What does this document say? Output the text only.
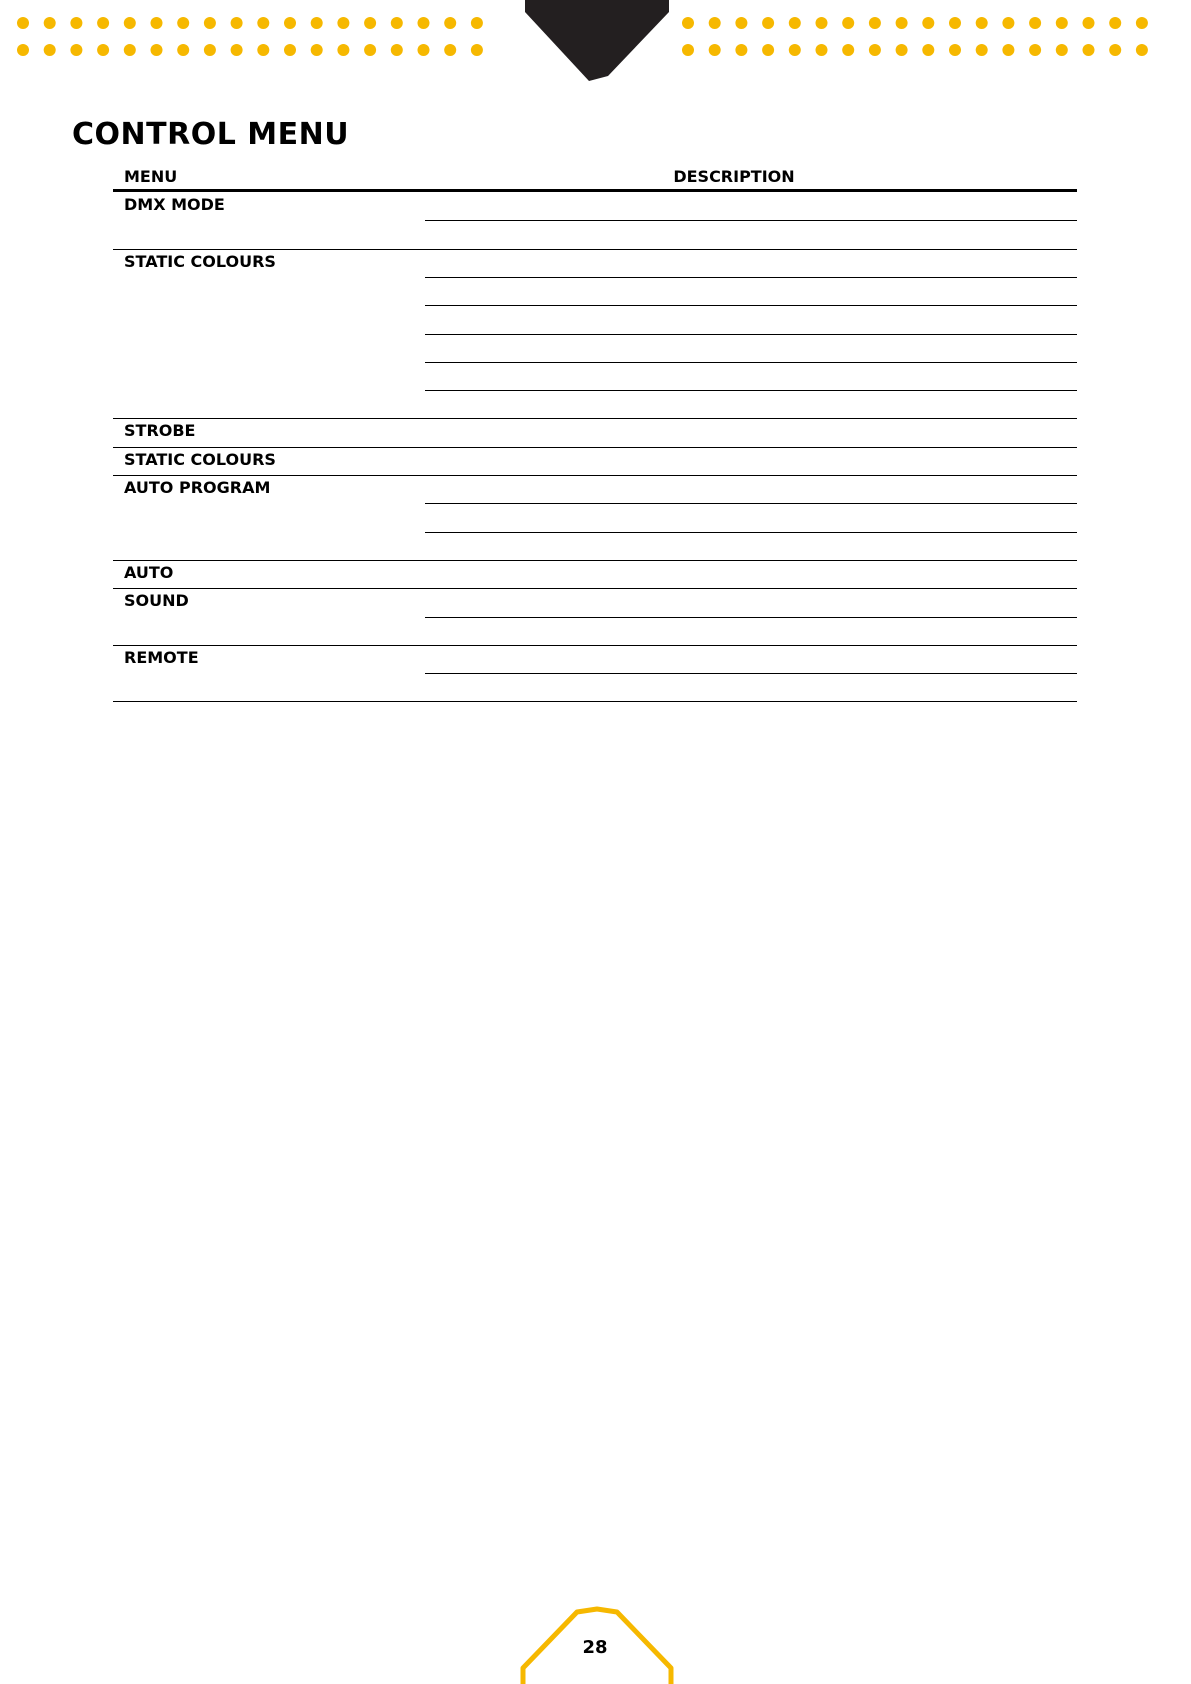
CONTROL MENU
MENU	DESCRIPTION
DMX MODE
STATIC COLOURS
STROBE
STATIC COLOURS
AUTO PROGRAM
AUTO
SOUND
REMOTE
28
